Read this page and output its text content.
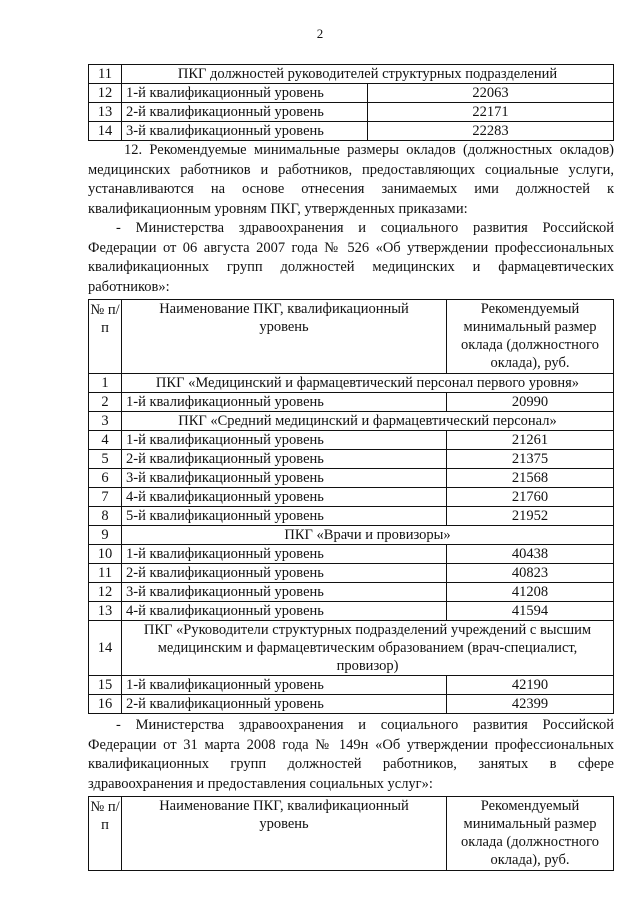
2
11	ПКГ должностей руководителей структурных подразделений	
12	1-й квалификационный уровень	22063
13	2-й квалификационный уровень	22171
14	3-й квалификационный уровень	22283

12. Рекомендуемые минимальные размеры окладов (должностных окладов) медицинских работников и работников, предоставляющих социальные услуги, устанавливаются на основе отнесения занимаемых ими должностей к квалификационным уровням ПКГ, утвержденных приказами:

- Министерства здравоохранения и социального развития Российской Федерации от 06 августа 2007 года № 526 «Об утверждении профессиональных квалификационных групп должностей медицинских и фармацевтических работников»:

№ п/п	Наименование ПКГ, квалификационный уровень	Рекомендуемый минимальный размер оклада (должностного оклада), руб.
1	ПКГ «Медицинский и фармацевтический персонал первого уровня»	
2	1-й квалификационный уровень	20990
3	ПКГ «Средний медицинский и фармацевтический персонал»	
4	1-й квалификационный уровень	21261
5	2-й квалификационный уровень	21375
6	3-й квалификационный уровень	21568
7	4-й квалификационный уровень	21760
8	5-й квалификационный уровень	21952
9	ПКГ «Врачи и провизоры»	
10	1-й квалификационный уровень	40438
11	2-й квалификационный уровень	40823
12	3-й квалификационный уровень	41208
13	4-й квалификационный уровень	41594
14	ПКГ «Руководители структурных подразделений учреждений с высшим медицинским и фармацевтическим образованием (врач-специалист, провизор)	
15	1-й квалификационный уровень	42190
16	2-й квалификационный уровень	42399

- Министерства здравоохранения и социального развития Российской Федерации от 31 марта 2008 года № 149н «Об утверждении профессиональных квалификационных групп должностей работников, занятых в сфере здравоохранения и предоставления социальных услуг»:

№ п/п	Наименование ПКГ, квалификационный уровень	Рекомендуемый минимальный размер оклада (должностного оклада), руб.
